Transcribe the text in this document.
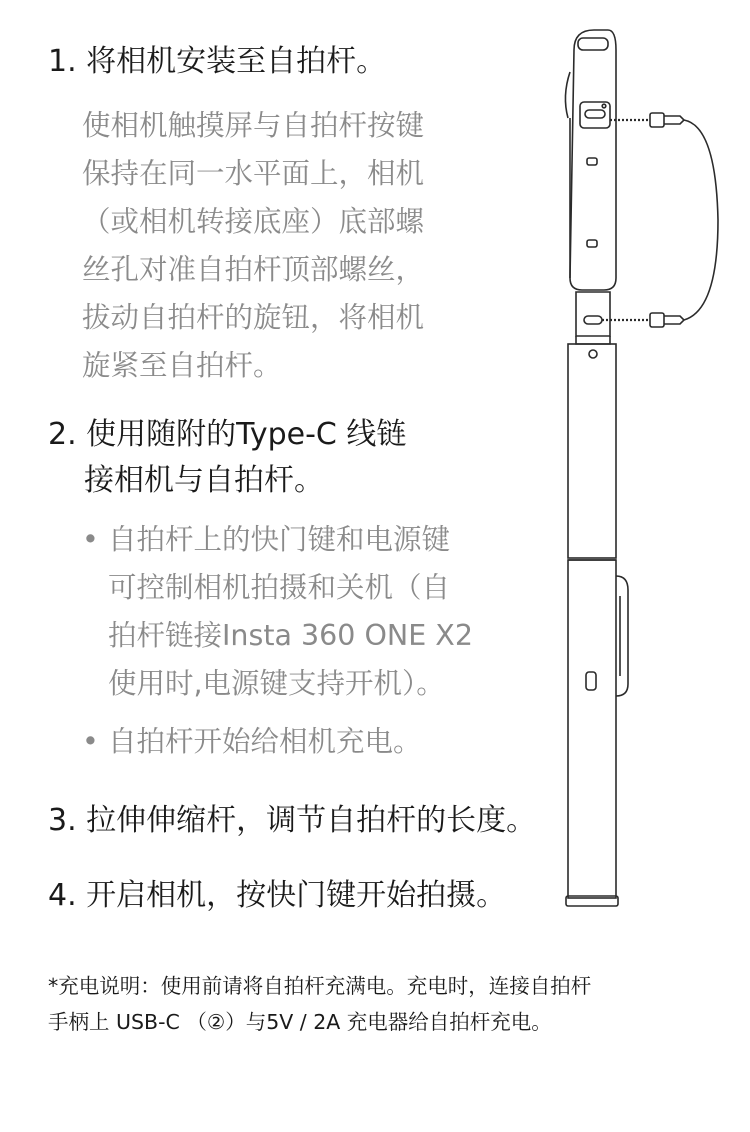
1. 将相机安装至自拍杆。
使相机触摸屏与自拍杆按键
保持在同一水平面上，相机
（或相机转接底座）底部螺
丝孔对准自拍杆顶部螺丝，
拔动自拍杆的旋钮，将相机
旋紧至自拍杆。
2. 使用随附的Type-C 线链
接相机与自拍杆。
• 自拍杆上的快门键和电源键
可控制相机拍摄和关机（自
拍杆链接Insta 360 ONE X2
使用时,电源键支持开机）。
• 自拍杆开始给相机充电。
3. 拉伸伸缩杆，调节自拍杆的长度。
4. 开启相机，按快门键开始拍摄。
*充电说明：使用前请将自拍杆充满电。充电时，连接自拍杆
手柄上 USB-C （②）与5V / 2A 充电器给自拍杆充电。
